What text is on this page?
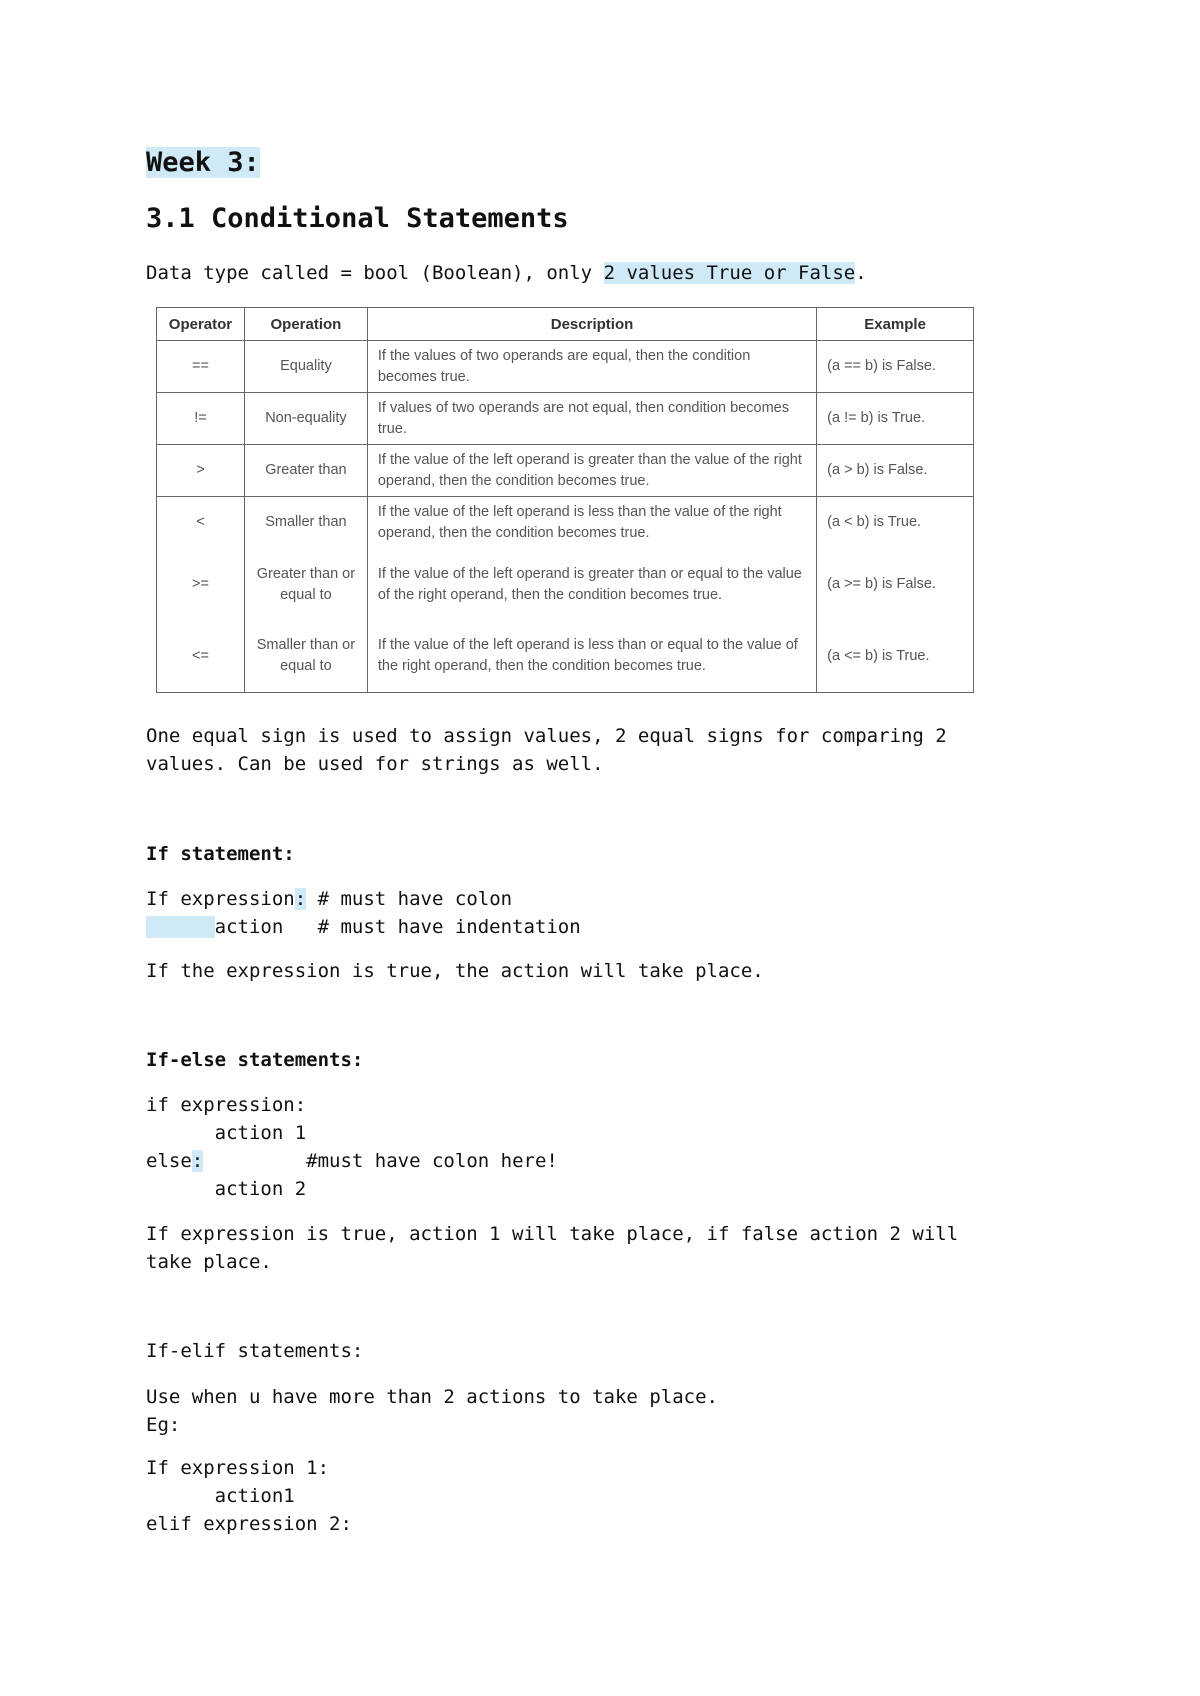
Week 3:
3.1 Conditional Statements
Data type called = bool (Boolean), only 2 values True or False.
Operator	Operation	Description	Example
==	Equality	If the values of two operands are equal, then the condition becomes true.	(a == b) is False.
!=	Non-equality	If values of two operands are not equal, then condition becomes true.	(a != b) is True.
>	Greater than	If the value of the left operand is greater than the value of the right operand, then the condition becomes true.	(a > b) is False.
<	Smaller than	If the value of the left operand is less than the value of the right operand, then the condition becomes true.	(a < b) is True.
>=	Greater than or equal to	If the value of the left operand is greater than or equal to the value of the right operand, then the condition becomes true.	(a >= b) is False.
<=	Smaller than or equal to	If the value of the left operand is less than or equal to the value of the right operand, then the condition becomes true.	(a <= b) is True.
One equal sign is used to assign values, 2 equal signs for comparing 2
values. Can be used for strings as well.
If statement:
If expression: # must have colon
action   # must have indentation
If the expression is true, the action will take place.
If-else statements:
if expression:
action 1
else:         #must have colon here!
action 2
If expression is true, action 1 will take place, if false action 2 will
take place.
If-elif statements:
Use when u have more than 2 actions to take place.
Eg:
If expression 1:
action1
elif expression 2:
